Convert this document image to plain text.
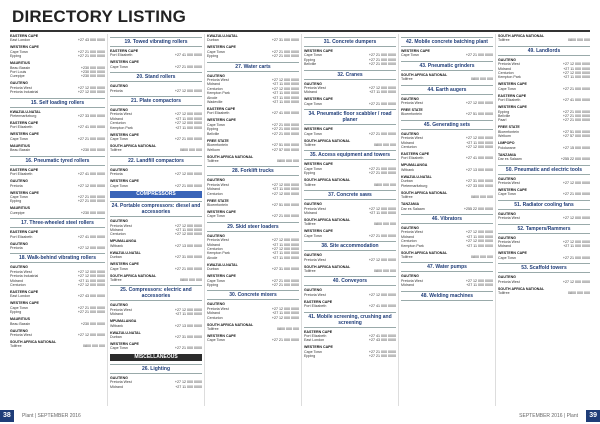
DIRECTORY LISTING
EASTERN CAPE
East London	+27 43 000 0000
WESTERN CAPE
Cape Town	+27 21 000 0000
Epping	+27 21 000 0000
MAURITIUS
Beau Bassin	+230 000 0000
Port Louis	+230 000 0000
Curepipe	+230 000 0000
GAUTENG
Pretoria West	+27 12 000 0000
Pretoria Industrial	+27 12 000 0000
15. Self loading rollers
KWAZULU-NATAL
Pietermaritzburg	+27 33 000 0000
EASTERN CAPE
Port Elizabeth	+27 41 000 0000
WESTERN CAPE
Cape Town	+27 21 000 0000
MAURITIUS
Beau Bassin	+230 000 0000
16. Pneumatic tyred rollers
EASTERN CAPE
Port Elizabeth	+27 41 000 0000
GAUTENG
Pretoria	+27 12 000 0000
WESTERN CAPE
Cape Town	+27 21 000 0000
Epping	+27 21 000 0000
MAURITIUS
Curepipe	+230 000 0000
17. Three-wheeled steel rollers
EASTERN CAPE
Port Elizabeth	+27 41 000 0000
GAUTENG
Pretoria	+27 12 000 0000
18. Walk-behind vibrating rollers
GAUTENG
Pretoria West	+27 12 000 0000
Pretoria Industrial	+27 12 000 0000
Midrand	+27 11 000 0000
Centurion	+27 12 000 0000
EASTERN CAPE
East London	+27 43 000 0000
WESTERN CAPE
Cape Town	+27 21 000 0000
Epping	+27 21 000 0000
MAURITIUS
Beau Bassin	+230 000 0000
GAUTENG
Pretoria West	+27 12 000 0000
SOUTH AFRICA NATIONAL
Tollfree	0800 000 000
19. Towed vibrating rollers
EASTERN CAPE
Port Elizabeth	+27 41 000 0000
WESTERN CAPE
Cape Town	+27 21 000 0000
20. Stand rollers
GAUTENG
Pretoria	+27 12 000 0000
21. Plate compactors
GAUTENG
Pretoria West	+27 12 000 0000
Midrand	+27 11 000 0000
Centurion	+27 12 000 0000
Kempton Park	+27 11 000 0000
WESTERN CAPE
Cape Town	+27 21 000 0000
SOUTH AFRICA NATIONAL
Tollfree	0800 000 000
22. Landfill compactors
GAUTENG
Pretoria	+27 12 000 0000
WESTERN CAPE
Cape Town	+27 21 000 0000
COMPRESSORS
24. Portable compressors: diesel and accessories
GAUTENG
Pretoria West	+27 12 000 0000
Midrand	+27 11 000 0000
Centurion	+27 12 000 0000
MPUMALANGA
Witbank	+27 13 000 0000
KWAZULU-NATAL
Durban	+27 31 000 0000
WESTERN CAPE
Cape Town	+27 21 000 0000
SOUTH AFRICA NATIONAL
Tollfree	0800 000 000
25. Compressors: electric and accessories
GAUTENG
Pretoria West	+27 12 000 0000
Midrand	+27 11 000 0000
MPUMALANGA
Witbank	+27 13 000 0000
KWAZULU-NATAL
Durban	+27 31 000 0000
WESTERN CAPE
Cape Town	+27 21 000 0000
MISCELLANEOUS
26. Lighting
GAUTENG
Pretoria West	+27 12 000 0000
Midrand	+27 11 000 0000
KWAZULU-NATAL
Durban	+27 31 000 0000
WESTERN CAPE
Cape Town	+27 21 000 0000
Epping	+27 21 000 0000
27. Water carts
GAUTENG
Pretoria West	+27 12 000 0000
Midrand	+27 11 000 0000
Centurion	+27 12 000 0000
Kempton Park	+27 11 000 0000
Alrode	+27 11 000 0000
Wadeville	+27 11 000 0000
EASTERN CAPE
Port Elizabeth	+27 41 000 0000
WESTERN CAPE
Cape Town	+27 21 000 0000
Epping	+27 21 000 0000
Bellville	+27 21 000 0000
FREE STATE
Bloemfontein	+27 51 000 0000
Welkom	+27 57 000 0000
SOUTH AFRICA NATIONAL
Tollfree	0800 000 000
28. Forklift trucks
GAUTENG
Pretoria West	+27 12 000 0000
Midrand	+27 11 000 0000
Centurion	+27 12 000 0000
FREE STATE
Bloemfontein	+27 51 000 0000
WESTERN CAPE
Cape Town	+27 21 000 0000
29. Skid steer loaders
GAUTENG
Pretoria West	+27 12 000 0000
Midrand	+27 11 000 0000
Centurion	+27 12 000 0000
Kempton Park	+27 11 000 0000
Alrode	+27 11 000 0000
KWAZULU-NATAL
Durban	+27 31 000 0000
WESTERN CAPE
Cape Town	+27 21 000 0000
Epping	+27 21 000 0000
30. Concrete mixers
GAUTENG
Pretoria West	+27 12 000 0000
Midrand	+27 11 000 0000
Centurion	+27 12 000 0000
SOUTH AFRICA NATIONAL
Tollfree	0800 000 000
WESTERN CAPE
Cape Town	+27 21 000 0000
31. Concrete dumpers
WESTERN CAPE
Cape Town	+27 21 000 0000
Epping	+27 21 000 0000
Bellville	+27 21 000 0000
32. Cranes
GAUTENG
Pretoria West	+27 12 000 0000
Midrand	+27 11 000 0000
WESTERN CAPE
Cape Town	+27 21 000 0000
34. Pneumatic floor scabbler / road planer
WESTERN CAPE
Cape Town	+27 21 000 0000
SOUTH AFRICA NATIONAL
Tollfree	0800 000 000
35. Access equipment and towers
WESTERN CAPE
Cape Town	+27 21 000 0000
Epping	+27 21 000 0000
SOUTH AFRICA NATIONAL
Tollfree	0800 000 000
37. Concrete saws
GAUTENG
Pretoria West	+27 12 000 0000
Midrand	+27 11 000 0000
SOUTH AFRICA NATIONAL
Tollfree	0800 000 000
WESTERN CAPE
Cape Town	+27 21 000 0000
38. Site accommodation
GAUTENG
Pretoria West	+27 12 000 0000
SOUTH AFRICA NATIONAL
Tollfree	0800 000 000
40. Conveyors
GAUTENG
Pretoria West	+27 12 000 0000
EASTERN CAPE
Port Elizabeth	+27 41 000 0000
41. Mobile screening, crushing and screening
EASTERN CAPE
Port Elizabeth	+27 41 000 0000
East London	+27 43 000 0000
WESTERN CAPE
Cape Town	+27 21 000 0000
Epping	+27 21 000 0000
42. Mobile concrete batching plant
WESTERN CAPE
Cape Town	+27 21 000 0000
43. Pneumatic grinders
SOUTH AFRICA NATIONAL
Tollfree	0800 000 000
44. Earth augers
GAUTENG
Pretoria West	+27 12 000 0000
FREE STATE
Bloemfontein	+27 51 000 0000
45. Generating sets
GAUTENG
Pretoria West	+27 12 000 0000
Midrand	+27 11 000 0000
Centurion	+27 12 000 0000
EASTERN CAPE
Port Elizabeth	+27 41 000 0000
MPUMALANGA
Witbank	+27 13 000 0000
KWAZULU-NATAL
Durban	+27 31 000 0000
Pietermaritzburg	+27 33 000 0000
SOUTH AFRICA NATIONAL
Tollfree	0800 000 000
TANZANIA
Dar es Salaam	+255 22 000 0000
46. Vibrators
GAUTENG
Pretoria West	+27 12 000 0000
Midrand	+27 11 000 0000
Centurion	+27 12 000 0000
Kempton Park	+27 11 000 0000
SOUTH AFRICA NATIONAL
Tollfree	0800 000 000
47. Water pumps
GAUTENG
Pretoria West	+27 12 000 0000
Midrand	+27 11 000 0000
48. Welding machines
SOUTH AFRICA NATIONAL
Tollfree	0800 000 000
49. Landlords
GAUTENG
Pretoria West	+27 12 000 0000
Midrand	+27 11 000 0000
Centurion	+27 12 000 0000
Kempton Park	+27 11 000 0000
WESTERN CAPE
Cape Town	+27 21 000 0000
EASTERN CAPE
Port Elizabeth	+27 41 000 0000
WESTERN CAPE
Epping	+27 21 000 0000
Bellville	+27 21 000 0000
Paarl	+27 21 000 0000
FREE STATE
Bloemfontein	+27 51 000 0000
Welkom	+27 57 000 0000
LIMPOPO
Polokwane	+27 15 000 0000
TANZANIA
Dar es Salaam	+255 22 000 0000
50. Pneumatic and electric tools
GAUTENG
Pretoria West	+27 12 000 0000
WESTERN CAPE
Cape Town	+27 21 000 0000
51. Radiator cooling fans
GAUTENG
Pretoria West	+27 12 000 0000
52. Tampers/Rammers
GAUTENG
Pretoria West	+27 12 000 0000
Midrand	+27 11 000 0000
WESTERN CAPE
Cape Town	+27 21 000 0000
53. Scaffold towers
GAUTENG
Pretoria West	+27 12 000 0000
SOUTH AFRICA NATIONAL
Tollfree	0800 000 000
38	Plant | SEPTEMBER 2016	SEPTEMBER 2016 | Plant	39
